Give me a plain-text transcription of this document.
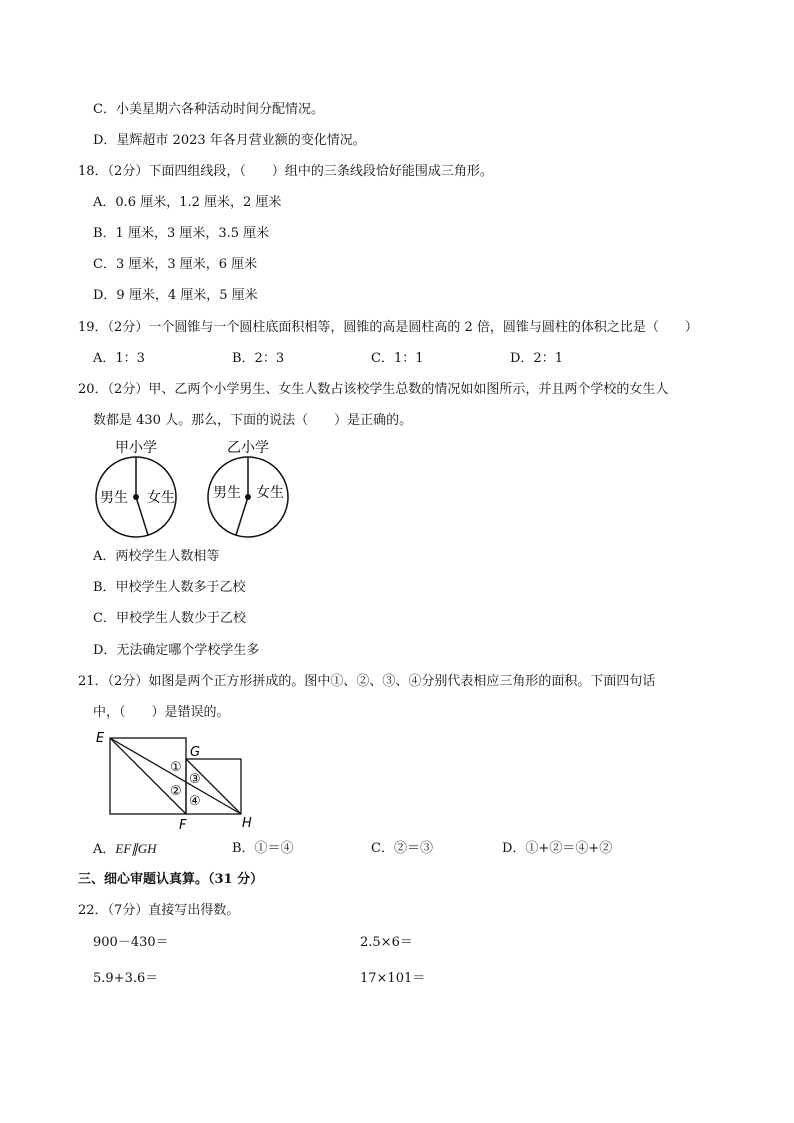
C．小美星期六各种活动时间分配情况。
D．星辉超市 2023 年各月营业额的变化情况。
18．（2分）下面四组线段，（　　）组中的三条线段恰好能围成三角形。
A．0.6 厘米，1.2 厘米，2 厘米
B．1 厘米，3 厘米，3.5 厘米
C．3 厘米，3 厘米，6 厘米
D．9 厘米，4 厘米，5 厘米
19．（2分）一个圆锥与一个圆柱底面积相等，圆锥的高是圆柱高的 2 倍，圆锥与圆柱的体积之比是（　　）
A．1：3	B．2：3	C．1：1	D．2：1
20．（2分）甲、乙两个小学男生、女生人数占该校学生总数的情况如如图所示，并且两个学校的女生人
数都是 430 人。那么，下面的说法（　　）是正确的。
甲小学
男生 女生
乙小学
男生 女生
A．两校学生人数相等
B．甲校学生人数多于乙校
C．甲校学生人数少于乙校
D．无法确定哪个学校学生多
21．（2分）如图是两个正方形拼成的。图中①、②、③、④分别代表相应三角形的面积。下面四句话
中，（　　）是错误的。
E
G
F	H
①
②
③
④
A．EF∥GH	B．①＝④	C．②＝③	D．①+②＝④+②
三、细心审题认真算。（31 分）
22．（7分）直接写出得数。
900－430＝	2.5×6＝
5.9+3.6＝	17×101＝
